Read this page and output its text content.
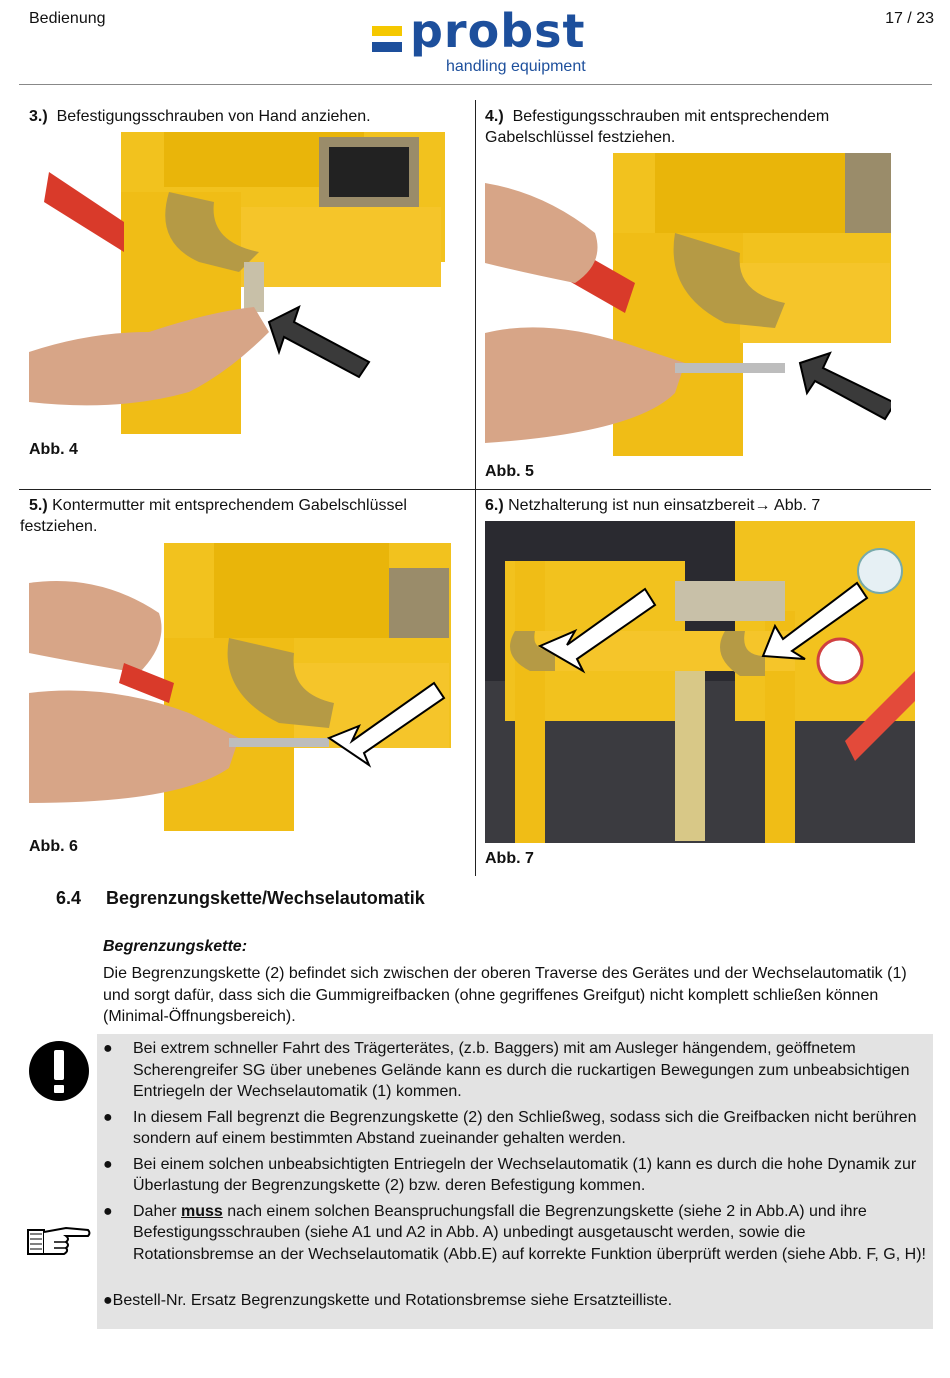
Bedienung	17 / 23
probst
handling equipment
3.) Befestigungsschrauben von Hand anziehen.
Abb. 4
4.) Befestigungsschrauben mit entsprechendem Gabelschlüssel festziehen.
Abb. 5
5.) Kontermutter mit entsprechendem Gabelschlüssel festziehen.
Abb. 6
6.) Netzhalterung ist nun einsatzbereit→ Abb. 7
Abb. 7
6.4 Begrenzungskette/Wechselautomatik
Begrenzungskette:
Die Begrenzungskette (2) befindet sich zwischen der oberen Traverse des Gerätes und der Wechselautomatik (1) und sorgt dafür, dass sich die Gummigreifbacken (ohne gegriffenes Greifgut) nicht komplett schließen können (Minimal-Öffnungsbereich).
● Bei extrem schneller Fahrt des Trägerterätes, (z.b. Baggers) mit am Ausleger hängendem, geöffnetem Scherengreifer SG über unebenes Gelände kann es durch die ruckartigen Bewegungen zum unbeabsichtigen Entriegeln der Wechselautomatik (1) kommen.
● In diesem Fall begrenzt die Begrenzungskette (2) den Schließweg, sodass sich die Greifbacken nicht berühren sondern auf einem bestimmten Abstand zueinander gehalten werden.
● Bei einem solchen unbeabsichtigten Entriegeln der Wechselautomatik (1) kann es durch die hohe Dynamik zur Überlastung der Begrenzungskette (2) bzw. deren Befestigung kommen.
● Daher muss nach einem solchen Beanspruchungsfall die Begrenzungskette (siehe 2 in Abb.A) und ihre Befestigungsschrauben (siehe A1 und A2 in Abb. A) unbedingt ausgetauscht werden, sowie die Rotationsbremse an der Wechselautomatik (Abb.E) auf korrekte Funktion überprüft werden (siehe Abb. F, G, H)!
●Bestell-Nr. Ersatz Begrenzungskette und Rotationsbremse siehe Ersatzteilliste.
